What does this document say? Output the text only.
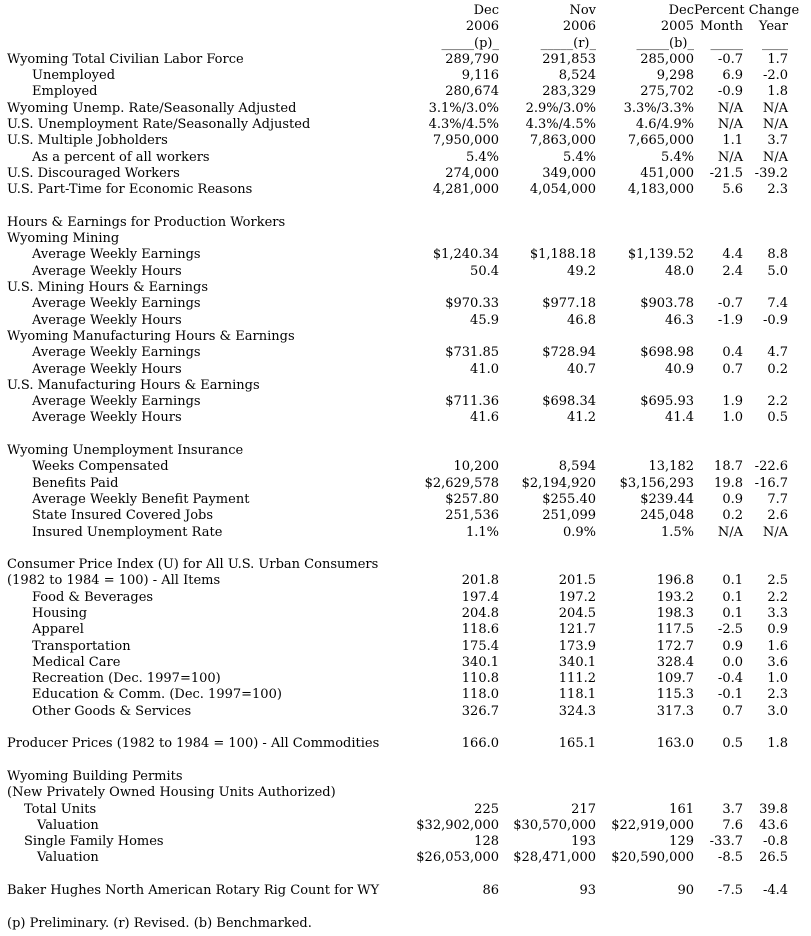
	Dec	Nov	Dec	Percent Change	
	2006	2006	2005	Month	Year
	_____(p)_	_____(r)_	_____(b)_	_____	____
Wyoming Total Civilian Labor Force	289,790	291,853	285,000	-0.7	1.7
Unemployed	9,116	8,524	9,298	6.9	-2.0
Employed	280,674	283,329	275,702	-0.9	1.8
Wyoming Unemp. Rate/Seasonally Adjusted	3.1%/3.0%	2.9%/3.0%	3.3%/3.3%	N/A	N/A
U.S. Unemployment Rate/Seasonally Adjusted	4.3%/4.5%	4.3%/4.5%	4.6/4.9%	N/A	N/A
U.S. Multiple Jobholders	7,950,000	7,863,000	7,665,000	1.1	3.7
As a percent of all workers	5.4%	5.4%	5.4%	N/A	N/A
U.S. Discouraged Workers	274,000	349,000	451,000	-21.5	-39.2
U.S. Part-Time for Economic Reasons	4,281,000	4,054,000	4,183,000	5.6	2.3

Hours & Earnings for Production Workers					
Wyoming Mining					
Average Weekly Earnings	$1,240.34	$1,188.18	$1,139.52	4.4	8.8
Average Weekly Hours	50.4	49.2	48.0	2.4	5.0
U.S. Mining Hours & Earnings					
Average Weekly Earnings	$970.33	$977.18	$903.78	-0.7	7.4
Average Weekly Hours	45.9	46.8	46.3	-1.9	-0.9
Wyoming Manufacturing Hours & Earnings					
Average Weekly Earnings	$731.85	$728.94	$698.98	0.4	4.7
Average Weekly Hours	41.0	40.7	40.9	0.7	0.2
U.S. Manufacturing Hours & Earnings					
Average Weekly Earnings	$711.36	$698.34	$695.93	1.9	2.2
Average Weekly Hours	41.6	41.2	41.4	1.0	0.5

Wyoming Unemployment Insurance					
Weeks Compensated	10,200	8,594	13,182	18.7	-22.6
Benefits Paid	$2,629,578	$2,194,920	$3,156,293	19.8	-16.7
Average Weekly Benefit Payment	$257.80	$255.40	$239.44	0.9	7.7
State Insured Covered Jobs	251,536	251,099	245,048	0.2	2.6
Insured Unemployment Rate	1.1%	0.9%	1.5%	N/A	N/A

Consumer Price Index (U) for All U.S. Urban Consumers					
(1982 to 1984 = 100) - All Items	201.8	201.5	196.8	0.1	2.5
Food & Beverages	197.4	197.2	193.2	0.1	2.2
Housing	204.8	204.5	198.3	0.1	3.3
Apparel	118.6	121.7	117.5	-2.5	0.9
Transportation	175.4	173.9	172.7	0.9	1.6
Medical Care	340.1	340.1	328.4	0.0	3.6
Recreation (Dec. 1997=100)	110.8	111.2	109.7	-0.4	1.0
Education & Comm. (Dec. 1997=100)	118.0	118.1	115.3	-0.1	2.3
Other Goods & Services	326.7	324.3	317.3	0.7	3.0

Producer Prices (1982 to 1984 = 100) - All Commodities	166.0	165.1	163.0	0.5	1.8

Wyoming Building Permits					
(New Privately Owned Housing Units Authorized)					
Total Units	225	217	161	3.7	39.8
Valuation	$32,902,000	$30,570,000	$22,919,000	7.6	43.6
Single Family Homes	128	193	129	-33.7	-0.8
Valuation	$26,053,000	$28,471,000	$20,590,000	-8.5	26.5

Baker Hughes North American Rotary Rig Count for WY	86	93	90	-7.5	-4.4

(p) Preliminary. (r) Revised. (b) Benchmarked.					
